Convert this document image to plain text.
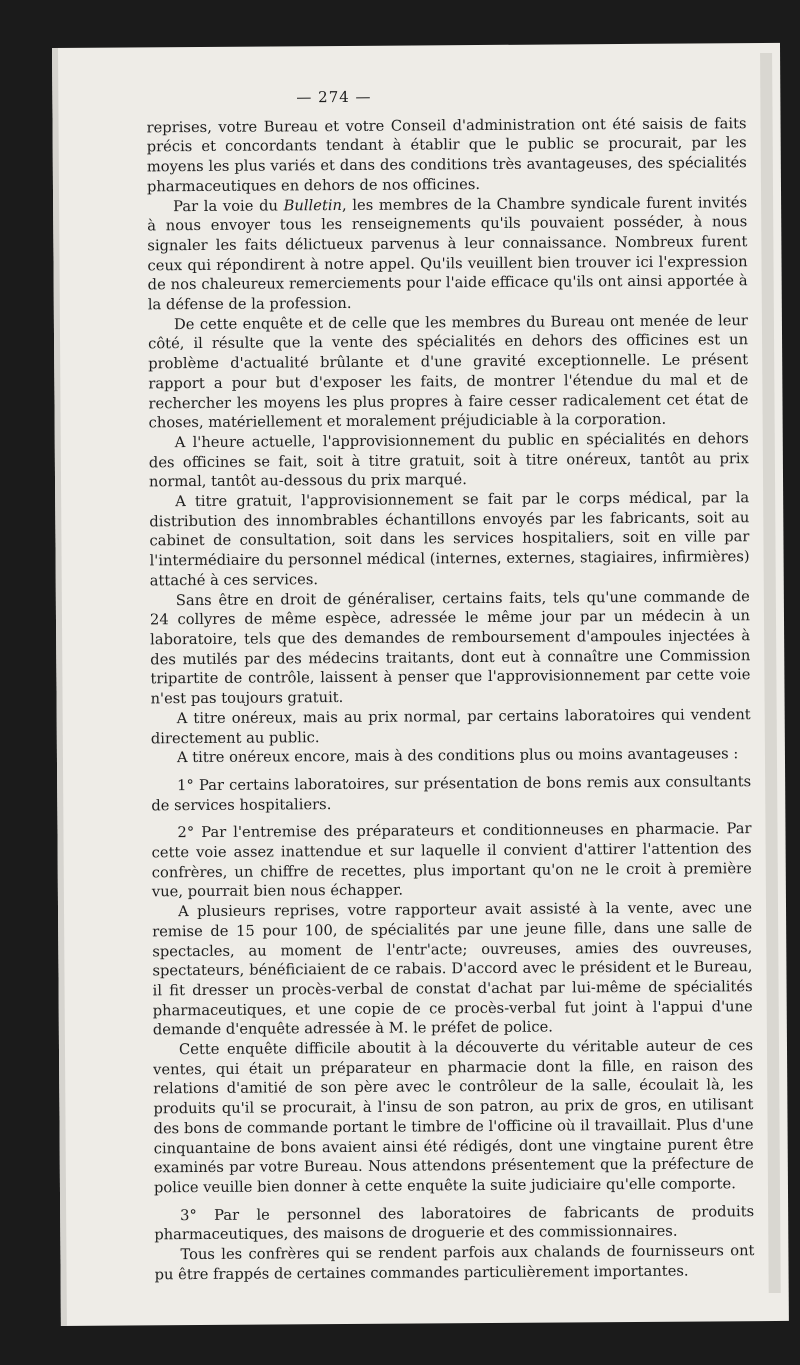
— 274 —

reprises, votre Bureau et votre Conseil d'administration ont été saisis de faits précis et concordants tendant à établir que le public se procurait, par les moyens les plus variés et dans des conditions très avantageuses, des spécialités pharmaceutiques en dehors de nos officines.

Par la voie du Bulletin, les membres de la Chambre syndicale furent invités à nous envoyer tous les renseignements qu'ils pouvaient posséder, à nous signaler les faits délictueux parvenus à leur connaissance. Nombreux furent ceux qui répondirent à notre appel. Qu'ils veuillent bien trouver ici l'expression de nos chaleureux remerciements pour l'aide efficace qu'ils ont ainsi apportée à la défense de la profession.

De cette enquête et de celle que les membres du Bureau ont menée de leur côté, il résulte que la vente des spécialités en dehors des officines est un problème d'actualité brûlante et d'une gravité exceptionnelle. Le présent rapport a pour but d'exposer les faits, de montrer l'étendue du mal et de rechercher les moyens les plus propres à faire cesser radicalement cet état de choses, matériellement et moralement préjudiciable à la corporation.

A l'heure actuelle, l'approvisionnement du public en spécialités en dehors des officines se fait, soit à titre gratuit, soit à titre onéreux, tantôt au prix normal, tantôt au-dessous du prix marqué.

A titre gratuit, l'approvisionnement se fait par le corps médical, par la distribution des innombrables échantillons envoyés par les fabricants, soit au cabinet de consultation, soit dans les services hospitaliers, soit en ville par l'intermédiaire du personnel médical (internes, externes, stagiaires, infirmières) attaché à ces services.

Sans être en droit de généraliser, certains faits, tels qu'une commande de 24 collyres de même espèce, adressée le même jour par un médecin à un laboratoire, tels que des demandes de remboursement d'ampoules injectées à des mutilés par des médecins traitants, dont eut à connaître une Commission tripartite de contrôle, laissent à penser que l'approvisionnement par cette voie n'est pas toujours gratuit.

A titre onéreux, mais au prix normal, par certains laboratoires qui vendent directement au public.

A titre onéreux encore, mais à des conditions plus ou moins avantageuses :

1° Par certains laboratoires, sur présentation de bons remis aux consultants de services hospitaliers.

2° Par l'entremise des préparateurs et conditionneuses en pharmacie. Par cette voie assez inattendue et sur laquelle il convient d'attirer l'attention des confrères, un chiffre de recettes, plus important qu'on ne le croit à première vue, pourrait bien nous échapper.

A plusieurs reprises, votre rapporteur avait assisté à la vente, avec une remise de 15 pour 100, de spécialités par une jeune fille, dans une salle de spectacles, au moment de l'entr'acte; ouvreuses, amies des ouvreuses, spectateurs, bénéficiaient de ce rabais. D'accord avec le président et le Bureau, il fit dresser un procès-verbal de constat d'achat par lui-même de spécialités pharmaceutiques, et une copie de ce procès-verbal fut joint à l'appui d'une demande d'enquête adressée à M. le préfet de police.

Cette enquête difficile aboutit à la découverte du véritable auteur de ces ventes, qui était un préparateur en pharmacie dont la fille, en raison des relations d'amitié de son père avec le contrôleur de la salle, écoulait là, les produits qu'il se procurait, à l'insu de son patron, au prix de gros, en utilisant des bons de commande portant le timbre de l'officine où il travaillait. Plus d'une cinquantaine de bons avaient ainsi été rédigés, dont une vingtaine purent être examinés par votre Bureau. Nous attendons présentement que la préfecture de police veuille bien donner à cette enquête la suite judiciaire qu'elle comporte.

3° Par le personnel des laboratoires de fabricants de produits pharmaceutiques, des maisons de droguerie et des commissionnaires.

Tous les confrères qui se rendent parfois aux chalands de fournisseurs ont pu être frappés de certaines commandes particulièrement importantes.
